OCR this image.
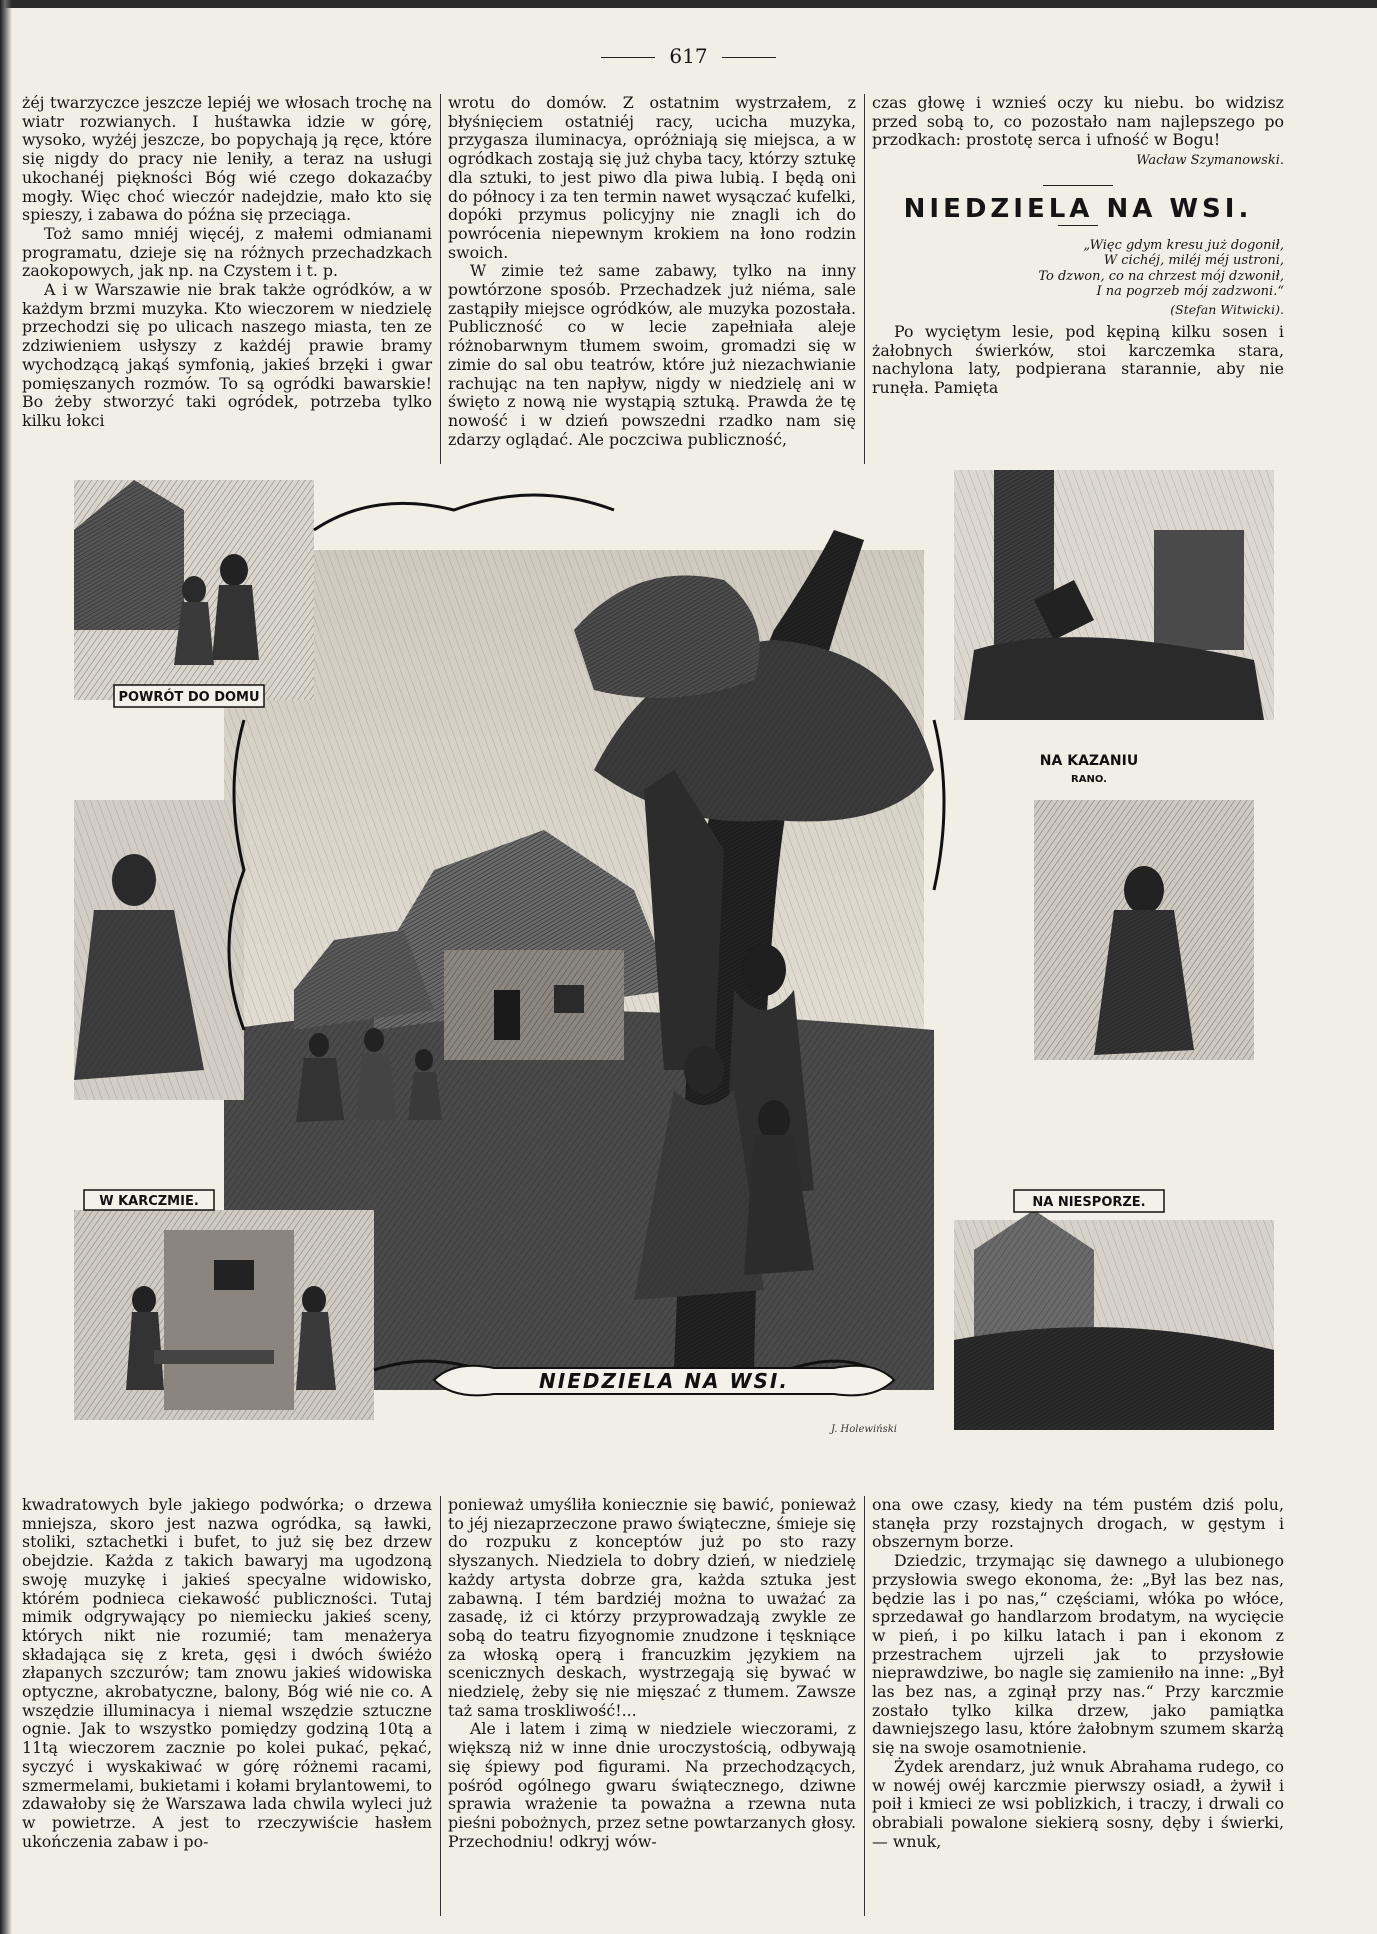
617

żéj twarzyczce jeszcze lepiéj we włosach trochę na wiatr rozwianych. I huśtawka idzie w górę, wysoko, wyżéj jeszcze, bo popychają ją ręce, które się nigdy do pracy nie leniły, a teraz na usługi ukochanéj piękności Bóg wié czego dokazaćby mogły. Więc choć wieczór nadejdzie, mało kto się spieszy, i zabawa do późna się przeciąga.

Toż samo mniéj więcéj, z małemi odmianami programatu, dzieje się na różnych przechadzkach zaokopowych, jak np. na Czystem i t. p.

A i w Warszawie nie brak także ogródków, a w każdym brzmi muzyka. Kto wieczorem w niedzielę przechodzi się po ulicach naszego miasta, ten ze zdziwieniem usłyszy z każdéj prawie bramy wychodzącą jakąś symfonią, jakieś brzęki i gwar pomięszanych rozmów. To są ogródki bawarskie! Bo żeby stworzyć taki ogródek, potrzeba tylko kilku łokci

wrotu do domów. Z ostatnim wystrzałem, z błyśnięciem ostatniéj racy, ucicha muzyka, przygasza iluminacya, opróżniają się miejsca, a w ogródkach zostają się już chyba tacy, którzy sztukę dla sztuki, to jest piwo dla piwa lubią. I będą oni do północy i za ten termin nawet wysączać kufelki, dopóki przymus policyjny nie znagli ich do powrócenia niepewnym krokiem na łono rodzin swoich.

W zimie też same zabawy, tylko na inny powtórzone sposób. Przechadzek już niéma, sale zastąpiły miejsce ogródków, ale muzyka pozostała. Publiczność co w lecie zapełniała aleje różnobarwnym tłumem swoim, gromadzi się w zimie do sal obu teatrów, które już niezachwianie rachując na ten napływ, nigdy w niedzielę ani w święto z nową nie wystąpią sztuką. Prawda że tę nowość i w dzień powszedni rzadko nam się zdarzy oglądać. Ale poczciwa publiczność,

czas głowę i wznieś oczy ku niebu. bo widzisz przed sobą to, co pozostało nam najlepszego po przodkach: prostotę serca i ufność w Bogu!

Wacław Szymanowski.

NIEDZIELA NA WSI.
„Więc gdym kresu już dogonił,
W cichéj, miléj méj ustroni,
To dzwon, co na chrzest mój dzwonił,
I na pogrzeb mój zadzwoni.“
(Stefan Witwicki).

Po wyciętym lesie, pod kępiną kilku sosen i żałobnych świerków, stoi karczemka stara, nachylona laty, podpierana starannie, aby nie runęła. Pamięta

POWRÓT DO DOMU
NA KAZANIU
RANO.
W KARCZMIE.	NA NIESPORZE.
NIEDZIELA NA WSI.
J. Holewiński

kwadratowych byle jakiego podwórka; o drzewa mniejsza, skoro jest nazwa ogródka, są ławki, stoliki, sztachetki i bufet, to już się bez drzew obejdzie. Każda z takich bawaryj ma ugodzoną swoję muzykę i jakieś specyalne widowisko, którém podnieca ciekawość publiczności. Tutaj mimik odgrywający po niemiecku jakieś sceny, których nikt nie rozumié; tam menażerya składająca się z kreta, gęsi i dwóch świéżo złapanych szczurów; tam znowu jakieś widowiska optyczne, akrobatyczne, balony, Bóg wié nie co. A wszędzie illuminacya i niemal wszędzie sztuczne ognie. Jak to wszystko pomiędzy godziną 10tą a 11tą wieczorem zacznie po kolei pukać, pękać, syczyć i wyskakiwać w górę różnemi racami, szmermelami, bukietami i kołami brylantowemi, to zdawałoby się że Warszawa lada chwila wyleci już w powietrze. A jest to rzeczywiście hasłem ukończenia zabaw i po-

ponieważ umyśliła koniecznie się bawić, ponieważ to jéj niezaprzeczone prawo świąteczne, śmieje się do rozpuku z konceptów już po sto razy słyszanych. Niedziela to dobry dzień, w niedzielę każdy artysta dobrze gra, każda sztuka jest zabawną. I tém bardziéj można to uważać za zasadę, iż ci którzy przyprowadzają zwykle ze sobą do teatru fizyognomie znudzone i tęskniące za włoską operą i francuzkim językiem na scenicznych deskach, wystrzegają się bywać w niedzielę, żeby się nie mięszać z tłumem. Zawsze taż sama troskliwość!...

Ale i latem i zimą w niedziele wieczorami, z większą niż w inne dnie uroczystością, odbywają się śpiewy pod figurami. Na przechodzących, pośród ogólnego gwaru świątecznego, dziwne sprawia wrażenie ta poważna a rzewna nuta pieśni pobożnych, przez setne powtarzanych głosy. Przechodniu! odkryj wów-

ona owe czasy, kiedy na tém pustém dziś polu, stanęła przy rozstajnych drogach, w gęstym i obszernym borze.

Dziedzic, trzymając się dawnego a ulubionego przysłowia swego ekonoma, że: „Był las bez nas, będzie las i po nas,“ częściami, włóka po włóce, sprzedawał go handlarzom brodatym, na wycięcie w pień, i po kilku latach i pan i ekonom z przestrachem ujrzeli jak to przysłowie nieprawdziwe, bo nagle się zamieniło na inne: „Był las bez nas, a zginął przy nas.“ Przy karczmie zostało tylko kilka drzew, jako pamiątka dawniejszego lasu, które żałobnym szumem skarżą się na swoje osamotnienie.

Żydek arendarz, już wnuk Abrahama rudego, co w nowéj owéj karczmie pierwszy osiadł, a żywił i poił i kmieci ze wsi poblizkich, i traczy, i drwali co obrabiali powalone siekierą sosny, dęby i świerki, — wnuk,
